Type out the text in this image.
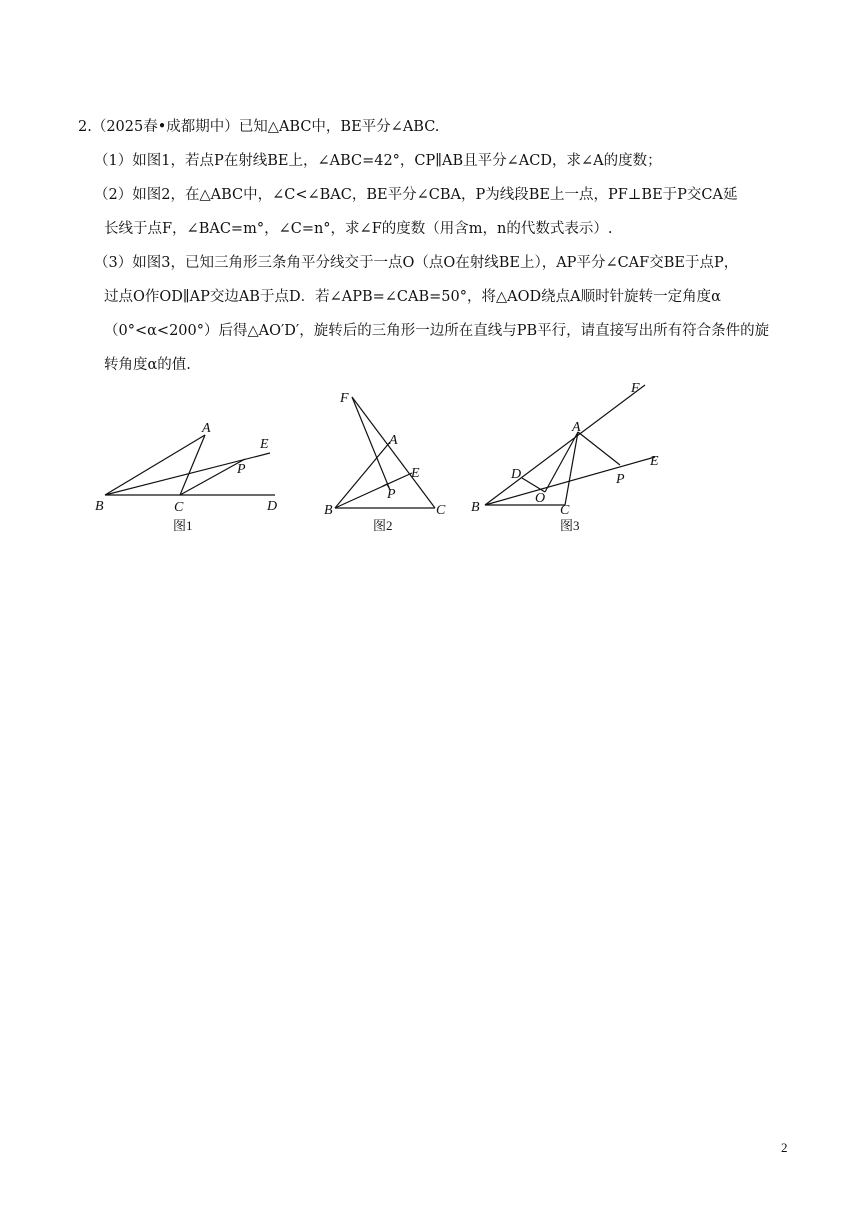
2.（2025春•成都期中）已知△ABC中，BE平分∠ABC.
（1）如图1，若点P在射线BE上，∠ABC=42°，CP∥AB且平分∠ACD，求∠A的度数；
（2）如图2，在△ABC中，∠C<∠BAC，BE平分∠CBA，P为线段BE上一点，PF⊥BE于P交CA延
长线于点F，∠BAC=m°，∠C=n°，求∠F的度数（用含m，n的代数式表示）.
（3）如图3，已知三角形三条角平分线交于一点O（点O在射线BE上），AP平分∠CAF交BE于点P，
过点O作OD∥AP交边AB于点D．若∠APB=∠CAB=50°，将△AOD绕点A顺时针旋转一定角度α
（0°<α<200°）后得△AO′D′，旋转后的三角形一边所在直线与PB平行，请直接写出所有符合条件的旋
转角度α的值.
A
B	C	D
E
P
图1
F
A
E
P
B	C
图2
F
A
E
D
O
P
B	C
图3
2
